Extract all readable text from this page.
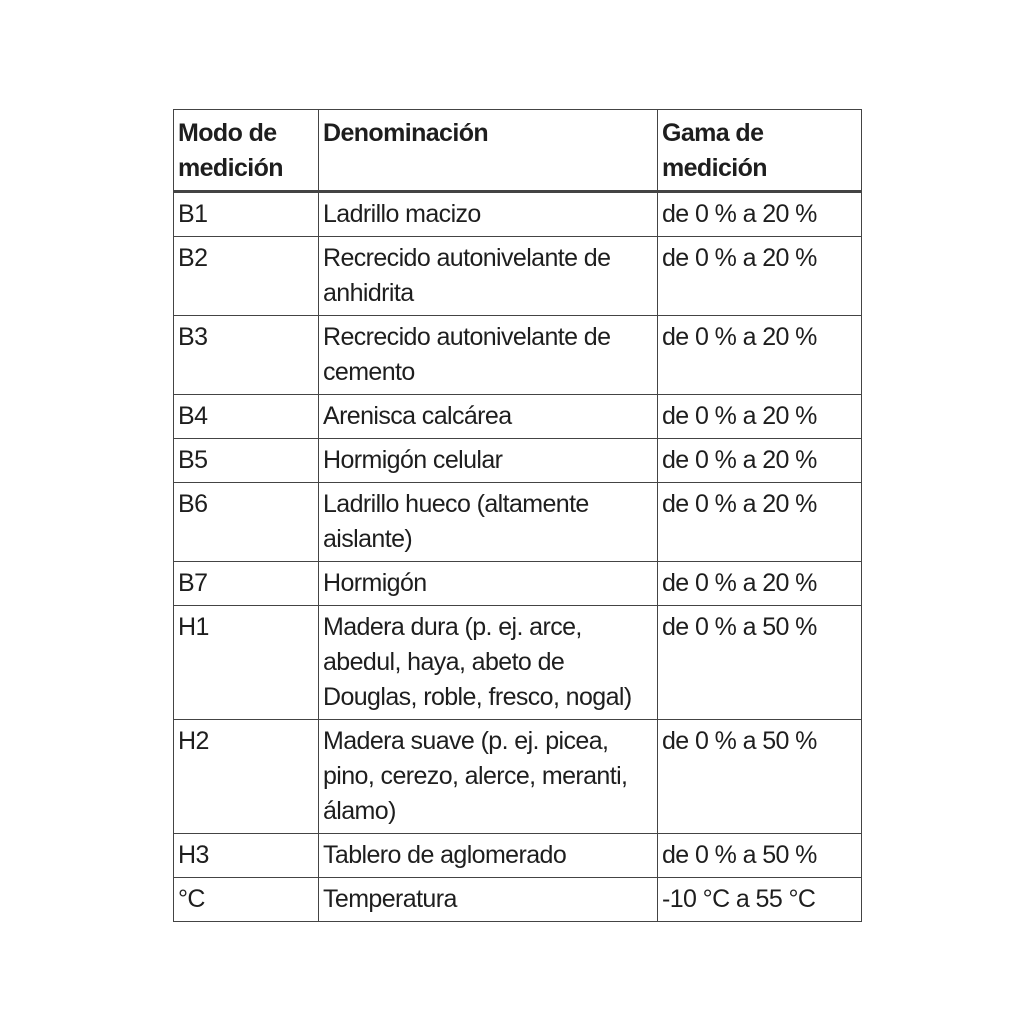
Modo de medición	Denominación	Gama de medición
B1	Ladrillo macizo	de 0 % a 20 %
B2	Recrecido autonivelante de anhidrita	de 0 % a 20 %
B3	Recrecido autonivelante de cemento	de 0 % a 20 %
B4	Arenisca calcárea	de 0 % a 20 %
B5	Hormigón celular	de 0 % a 20 %
B6	Ladrillo hueco (altamente aislante)	de 0 % a 20 %
B7	Hormigón	de 0 % a 20 %
H1	Madera dura (p. ej. arce, abedul, haya, abeto de Douglas, roble, fresco, nogal)	de 0 % a 50 %
H2	Madera suave (p. ej. picea, pino, cerezo, alerce, meranti, álamo)	de 0 % a 50 %
H3	Tablero de aglomerado	de 0 % a 50 %
°C	Temperatura	-10 °C a 55 °C
